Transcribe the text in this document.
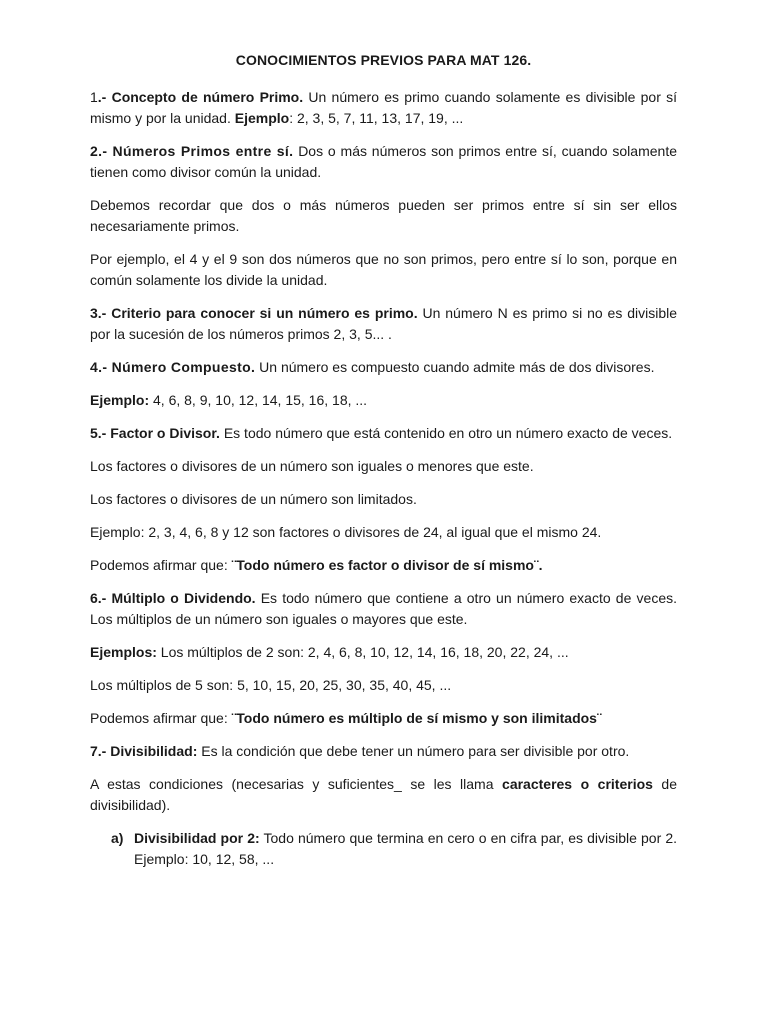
CONOCIMIENTOS PREVIOS PARA MAT 126.

1.- Concepto de número Primo. Un número es primo cuando solamente es divisible por sí mismo y por la unidad. Ejemplo: 2, 3, 5, 7, 11, 13, 17, 19, ...

2.- Números Primos entre sí. Dos o más números son primos entre sí, cuando solamente tienen como divisor común la unidad.

Debemos recordar que dos o más números pueden ser primos entre sí sin ser ellos necesariamente primos.

Por ejemplo, el 4 y el 9 son dos números que no son primos, pero entre sí lo son, porque en común solamente los divide la unidad.

3.- Criterio para conocer si un número es primo. Un número N es primo si no es divisible por la sucesión de los números primos 2, 3, 5... .

4.- Número Compuesto. Un número es compuesto cuando admite más de dos divisores.

Ejemplo: 4, 6, 8, 9, 10, 12, 14, 15, 16, 18, ...

5.- Factor o Divisor. Es todo número que está contenido en otro un número exacto de veces.

Los factores o divisores de un número son iguales o menores que este.

Los factores o divisores de un número son limitados.

Ejemplo: 2, 3, 4, 6, 8 y 12 son factores o divisores de 24, al igual que el mismo 24.

Podemos afirmar que: ¨Todo número es factor o divisor de sí mismo¨.

6.- Múltiplo o Dividendo. Es todo número que contiene a otro un número exacto de veces. Los múltiplos de un número son iguales o mayores que este.

Ejemplos: Los múltiplos de 2 son: 2, 4, 6, 8, 10, 12, 14, 16, 18, 20, 22, 24, ...

Los múltiplos de 5 son: 5, 10, 15, 20, 25, 30, 35, 40, 45, ...

Podemos afirmar que: ¨Todo número es múltiplo de sí mismo y son ilimitados¨

7.- Divisibilidad: Es la condición que debe tener un número para ser divisible por otro.

A estas condiciones (necesarias y suficientes_ se les llama caracteres o criterios de divisibilidad).

a) Divisibilidad por 2: Todo número que termina en cero o en cifra par, es divisible por 2. Ejemplo: 10, 12, 58, ...
